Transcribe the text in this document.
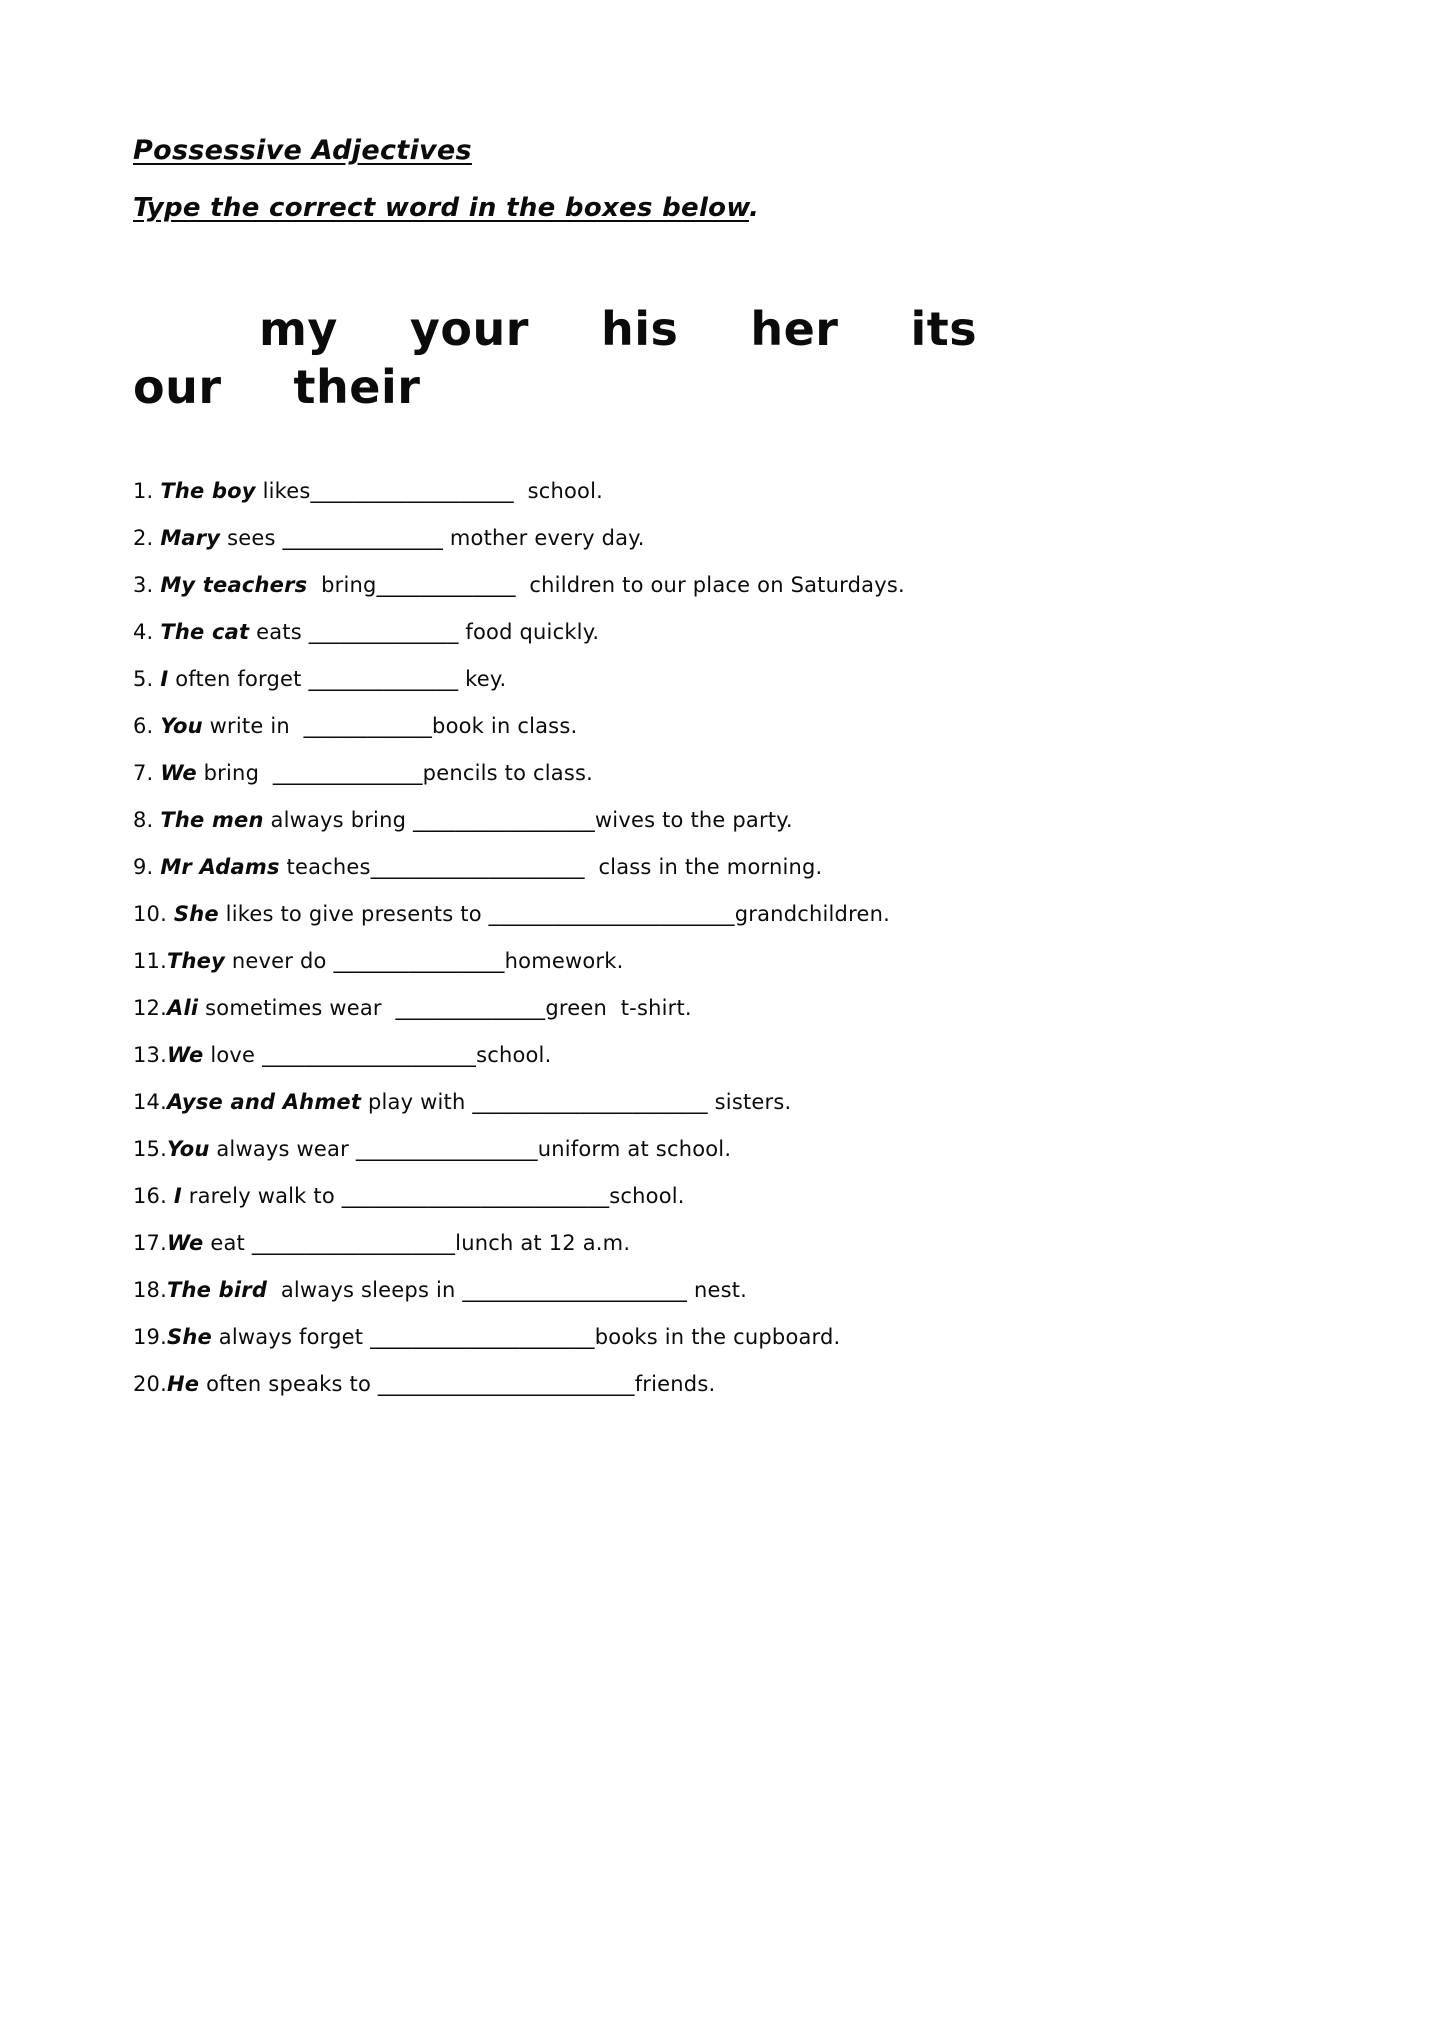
Possessive Adjectives
Type the correct word in the boxes below.
my your his her its
our their
1. The boy likes___________________  school.
2. Mary sees _______________ mother every day.
3. My teachers  bring_____________  children to our place on Saturdays.
4. The cat eats ______________ food quickly.
5. I often forget ______________ key.
6. You write in  ____________book in class.
7. We bring  ______________pencils to class.
8. The men always bring _________________wives to the party.
9. Mr Adams teaches____________________  class in the morning.
10. She likes to give presents to _______________________grandchildren.
11.They never do ________________homework.
12.Ali sometimes wear  ______________green  t-shirt.
13.We love ____________________school.
14.Ayse and Ahmet play with ______________________ sisters.
15.You always wear _________________uniform at school.
16. I rarely walk to _________________________school.
17.We eat ___________________lunch at 12 a.m.
18.The bird  always sleeps in _____________________ nest.
19.She always forget _____________________books in the cupboard.
20.He often speaks to ________________________friends.
